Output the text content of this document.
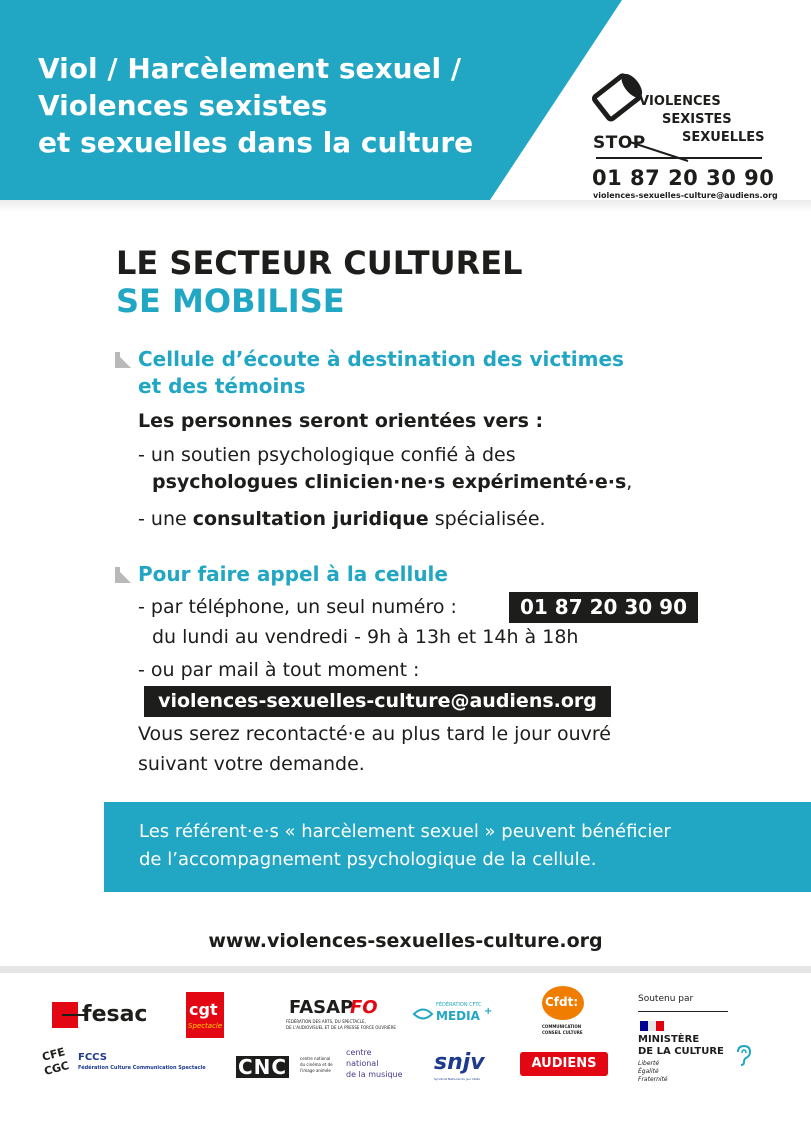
Viol / Harcèlement sexuel /
Violences sexistes
et sexuelles dans la culture
VIOLENCES
SEXISTES
SEXUELLES
STOP
01 87 20 30 90
violences-sexuelles-culture@audiens.org
LE SECTEUR CULTUREL
SE MOBILISE
Cellule d’écoute à destination des victimes
et des témoins

Les personnes seront orientées vers :

- un soutien psychologique confié à des

psychologues clinicien·ne·s expérimenté·e·s,

- une consultation juridique spécialisée.

Pour faire appel à la cellule

- par téléphone, un seul numéro :	01 87 20 30 90

du lundi au vendredi - 9h à 13h et 14h à 18h

- ou par mail à tout moment :

violences-sexuelles-culture@audiens.org

Vous serez recontacté·e au plus tard le jour ouvré

suivant votre demande.

Les référent·e·s « harcèlement sexuel » peuvent bénéficier
de l’accompagnement psychologique de la cellule.

www.violences-sexuelles-culture.org
fesac	cgt
Spectacle
FASAP
FO
FÉDÉRATION DES ARTS, DU SPECTACLE,
DE L'AUDIOVISUEL ET DE LA PRESSE FORCE OUVRIÈRE
FÉDÉRATION CFTC
MEDIA +
Cfdt:
COMMUNICATION
CONSEIL CULTURE
Soutenu par
MINISTÈRE
DE LA CULTURE
Liberté
Égalité
Fraternité
CFE
CGC
FCCS
Fédération Culture Communication Spectacle CNC	centre national
du cinéma et de
l'image animée
centre
national
de la musique snjv
Syndicat National du Jeu Vidéo
AUDIENS
